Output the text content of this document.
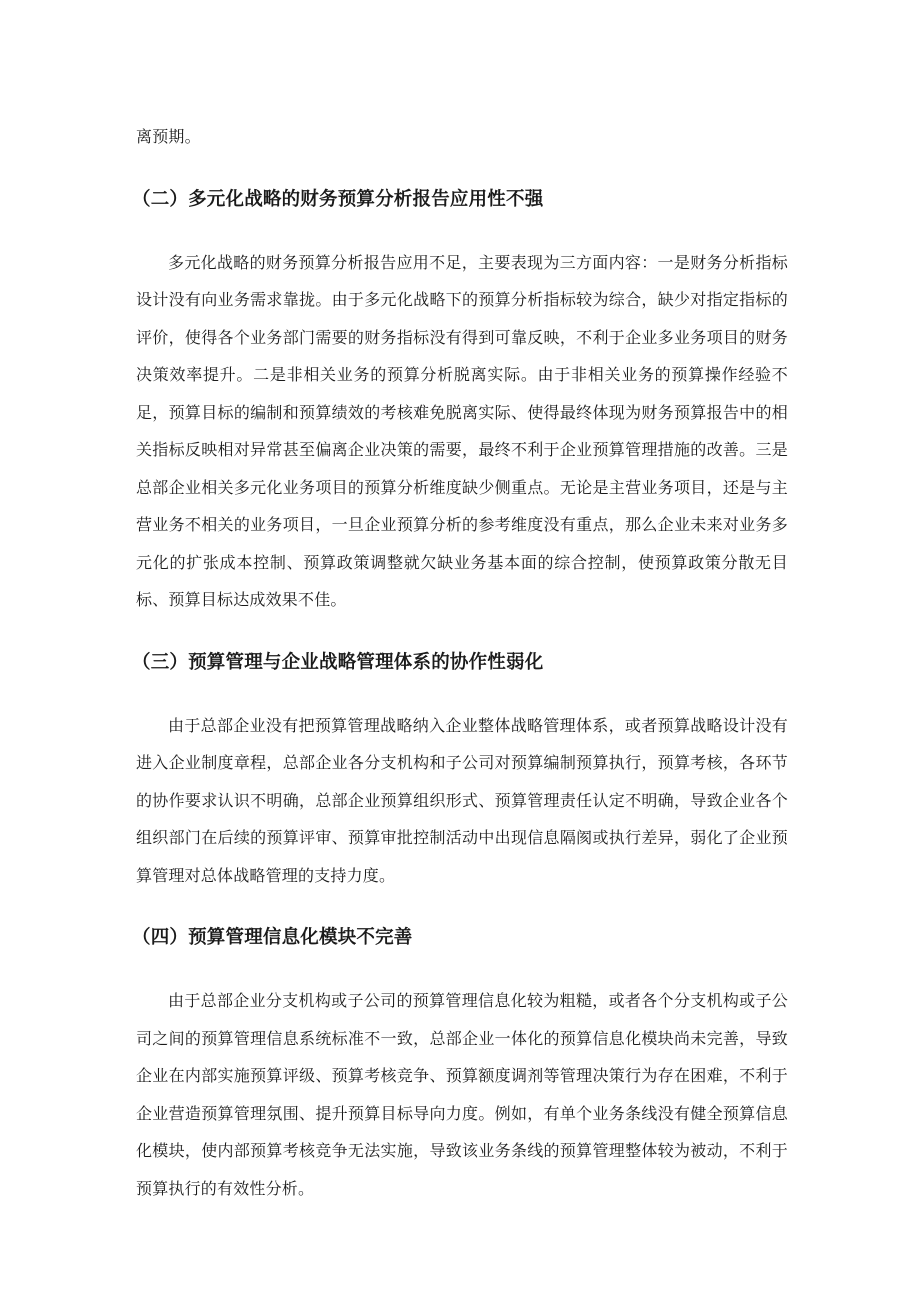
离预期。

（二）多元化战略的财务预算分析报告应用性不强

多元化战略的财务预算分析报告应用不足，主要表现为三方面内容：一是财务分析指标设计没有向业务需求靠拢。由于多元化战略下的预算分析指标较为综合，缺少对指定指标的评价，使得各个业务部门需要的财务指标没有得到可靠反映，不利于企业多业务项目的财务决策效率提升。二是非相关业务的预算分析脱离实际。由于非相关业务的预算操作经验不足，预算目标的编制和预算绩效的考核难免脱离实际、使得最终体现为财务预算报告中的相关指标反映相对异常甚至偏离企业决策的需要，最终不利于企业预算管理措施的改善。三是总部企业相关多元化业务项目的预算分析维度缺少侧重点。无论是主营业务项目，还是与主营业务不相关的业务项目，一旦企业预算分析的参考维度没有重点，那么企业未来对业务多元化的扩张成本控制、预算政策调整就欠缺业务基本面的综合控制，使预算政策分散无目标、预算目标达成效果不佳。

（三）预算管理与企业战略管理体系的协作性弱化

由于总部企业没有把预算管理战略纳入企业整体战略管理体系，或者预算战略设计没有进入企业制度章程，总部企业各分支机构和子公司对预算编制预算执行，预算考核，各环节的协作要求认识不明确，总部企业预算组织形式、预算管理责任认定不明确，导致企业各个组织部门在后续的预算评审、预算审批控制活动中出现信息隔阂或执行差异，弱化了企业预算管理对总体战略管理的支持力度。

（四）预算管理信息化模块不完善

由于总部企业分支机构或子公司的预算管理信息化较为粗糙，或者各个分支机构或子公司之间的预算管理信息系统标准不一致，总部企业一体化的预算信息化模块尚未完善，导致企业在内部实施预算评级、预算考核竞争、预算额度调剂等管理决策行为存在困难，不利于企业营造预算管理氛围、提升预算目标导向力度。例如，有单个业务条线没有健全预算信息化模块，使内部预算考核竞争无法实施，导致该业务条线的预算管理整体较为被动，不利于预算执行的有效性分析。
